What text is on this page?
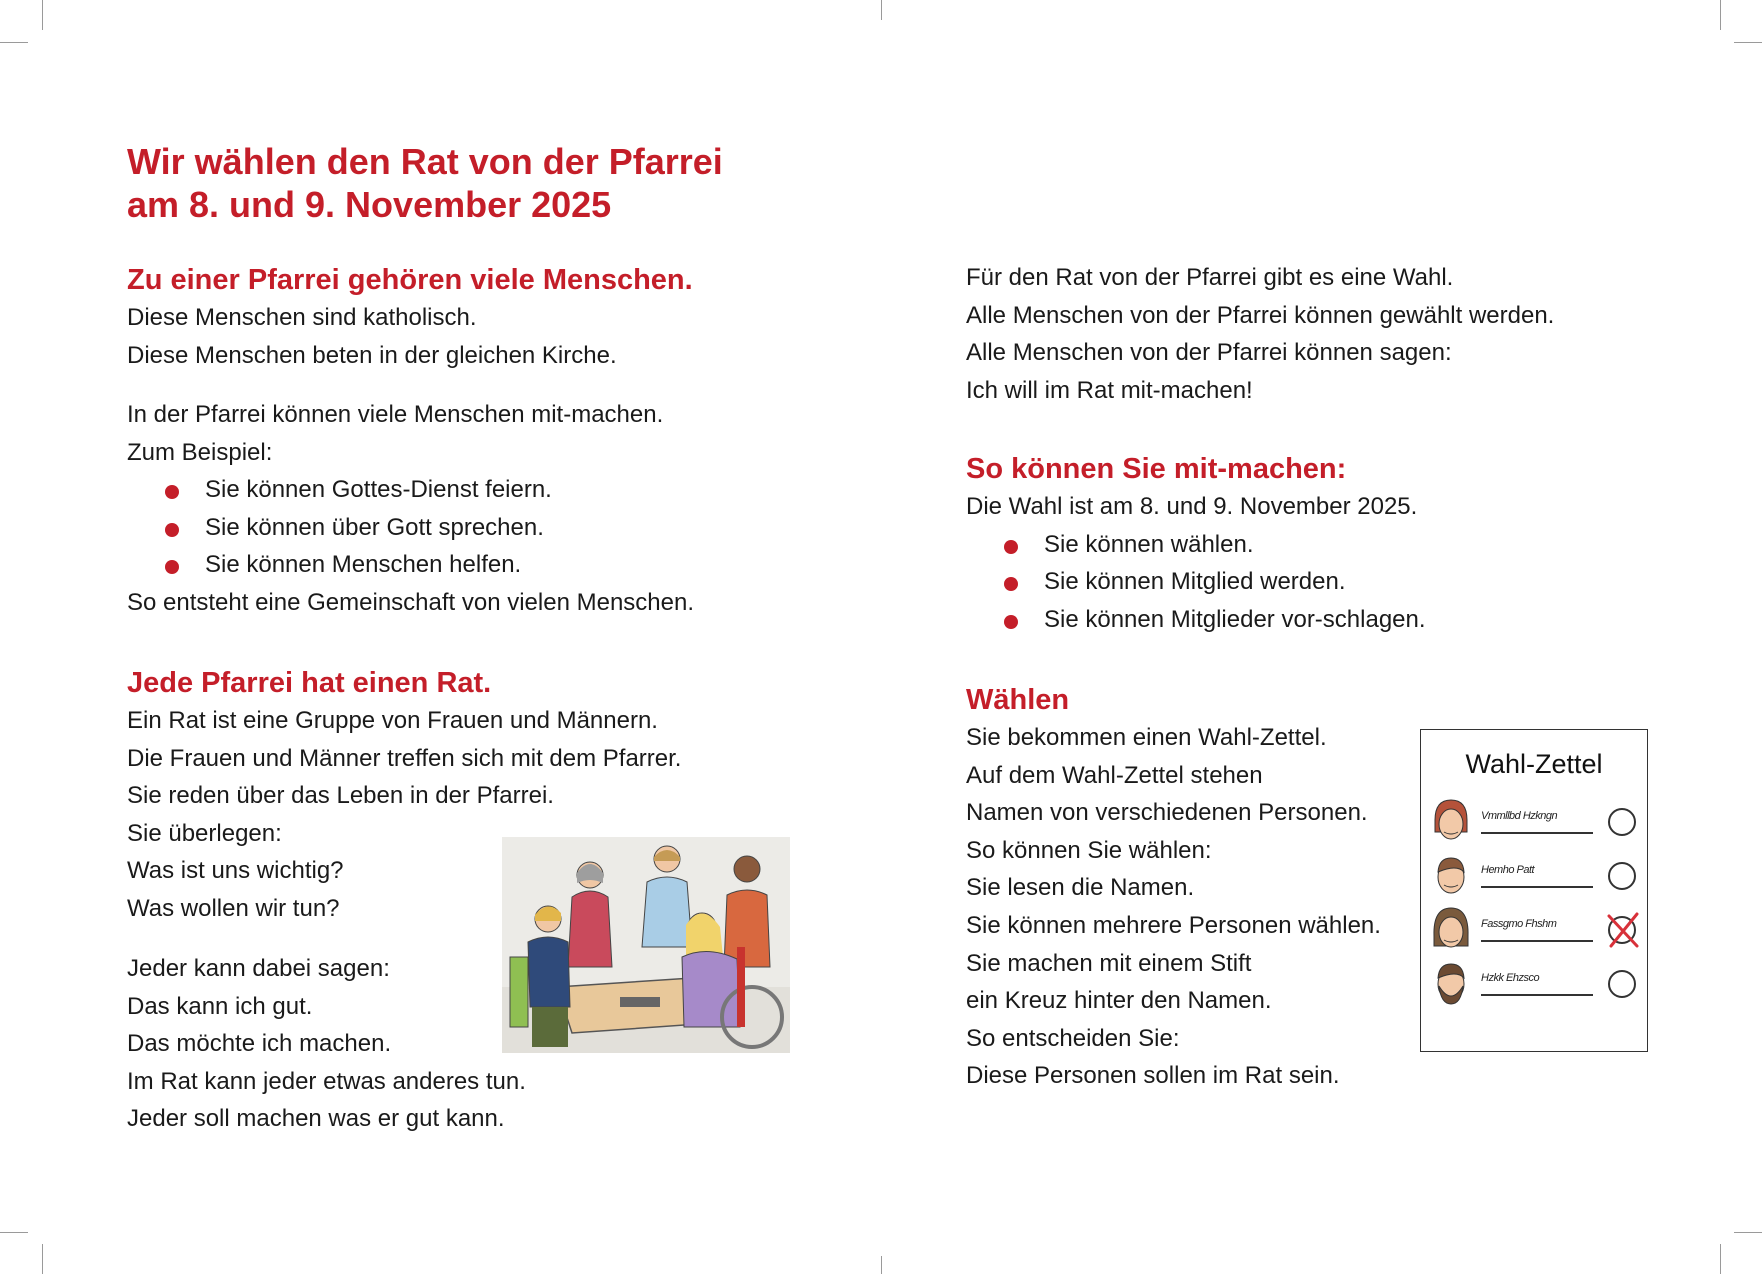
Wir wählen den Rat von der Pfarrei
am 8. und 9. November 2025
Zu einer Pfarrei gehören viele Menschen.

Diese Menschen sind katholisch.

Diese Menschen beten in der gleichen Kirche.

In der Pfarrei können viele Menschen mit-machen.

Zum Beispiel:

Sie können Gottes-Dienst feiern.
Sie können über Gott sprechen.
Sie können Menschen helfen.

So entsteht eine Gemeinschaft von vielen Menschen.

Jede Pfarrei hat einen Rat.

Ein Rat ist eine Gruppe von Frauen und Männern.

Die Frauen und Männer treffen sich mit dem Pfarrer.

Sie reden über das Leben in der Pfarrei.

Sie überlegen:

Was ist uns wichtig?

Was wollen wir tun?

Jeder kann dabei sagen:

Das kann ich gut.

Das möchte ich machen.

Im Rat kann jeder etwas anderes tun.

Jeder soll machen was er gut kann.

Für den Rat von der Pfarrei gibt es eine Wahl.

Alle Menschen von der Pfarrei können gewählt werden.

Alle Menschen von der Pfarrei können sagen:

Ich will im Rat mit-machen!

So können Sie mit-machen:

Die Wahl ist am 8. und 9. November 2025.

Sie können wählen.
Sie können Mitglied werden.
Sie können Mitglieder vor-schlagen.
Wählen

Sie bekommen einen Wahl-Zettel.

Auf dem Wahl-Zettel stehen

Namen von verschiedenen Personen.

So können Sie wählen:

Sie lesen die Namen.

Sie können mehrere Personen wählen.

Sie machen mit einem Stift

ein Kreuz hinter den Namen.

So entscheiden Sie:

Diese Personen sollen im Rat sein.

Wahl-Zettel
Vmmllbd Hzkngn
Hemho Patt
Fassgmo Fhshm
Hzkk Ehzsco
